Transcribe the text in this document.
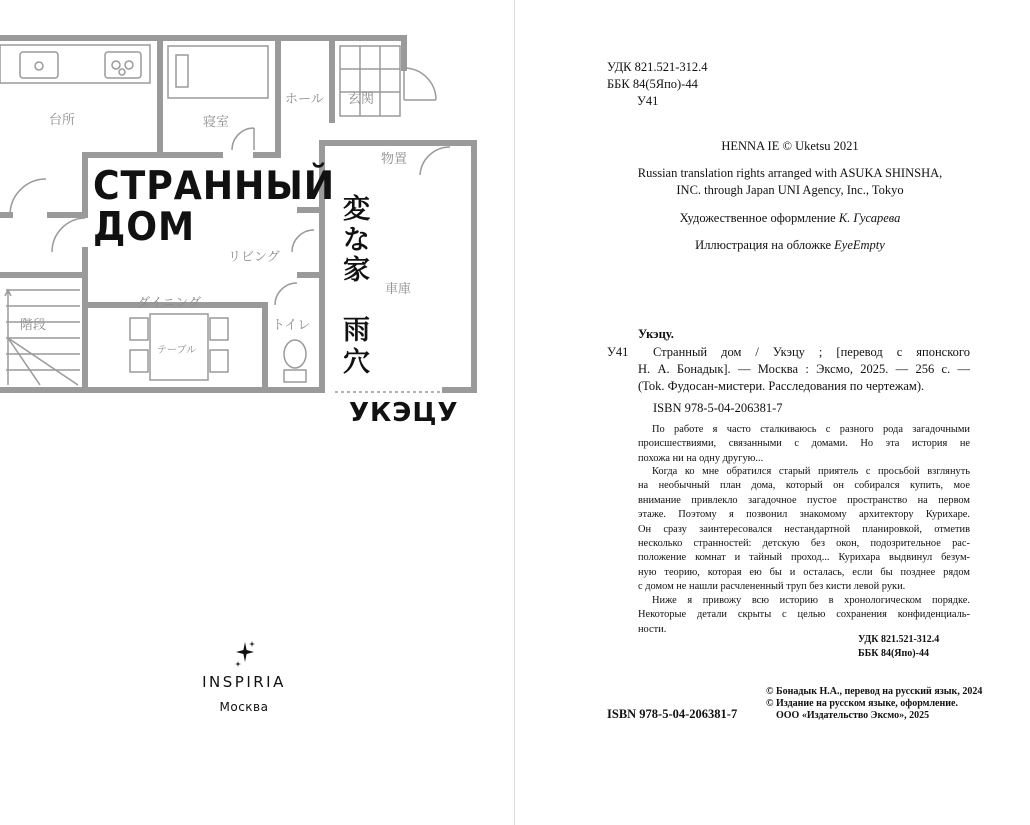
台所	寝室
ホール 玄関
物置
リビング
車庫
ダイニング
階段	トイレ
テーブル
СТРАННЫЙ
ДОМ	変
な
家
雨
穴
УКЭЦУ
INSPIRIA
Москва
УДК 821.521-312.4
ББК 84(5Япо)-44
У41
HENNA IE © Uketsu 2021
Russian translation rights arranged with ASUKA SHINSHA,
INC. through Japan UNI Agency, Inc., Tokyo
Художественное оформление К. Гусарева
Иллюстрация на обложке EyeEmpty
Укэцу.
У41 Странный дом / Укэцу ; [перевод с японского
Н. А. Бонадык]. — Москва : Эксмо, 2025. — 256 с. —
(Tok. Фудосан-мистери. Расследования по чертежам).
ISBN 978-5-04-206381-7
По работе я часто сталкиваюсь с разного рода загадочными
происшествиями, связанными с домами. Но эта история не
похожа ни на одну другую...
Когда ко мне обратился старый приятель с просьбой взглянуть
на необычный план дома, который он собирался купить, мое
внимание привлекло загадочное пустое пространство на первом
этаже. Поэтому я позвонил знакомому архитектору Курихаре.
Он сразу заинтересовался нестандартной планировкой, отметив
несколько странностей: детскую без окон, подозрительное рас-
положение комнат и тайный проход... Курихара выдвинул безум-
ную теорию, которая ею бы и осталась, если бы позднее рядом
с домом не нашли расчлененный труп без кисти левой руки.
Ниже я привожу всю историю в хронологическом порядке.
Некоторые детали скрыты с целью сохранения конфиденциаль-
ности.
УДК 821.521-312.4
ББК 84(Япо)-44
© Бонадык Н.А., перевод на русский язык, 2024
© Издание на русском языке, оформление.
ООО «Издательство Эксмо», 2025
ISBN 978-5-04-206381-7
